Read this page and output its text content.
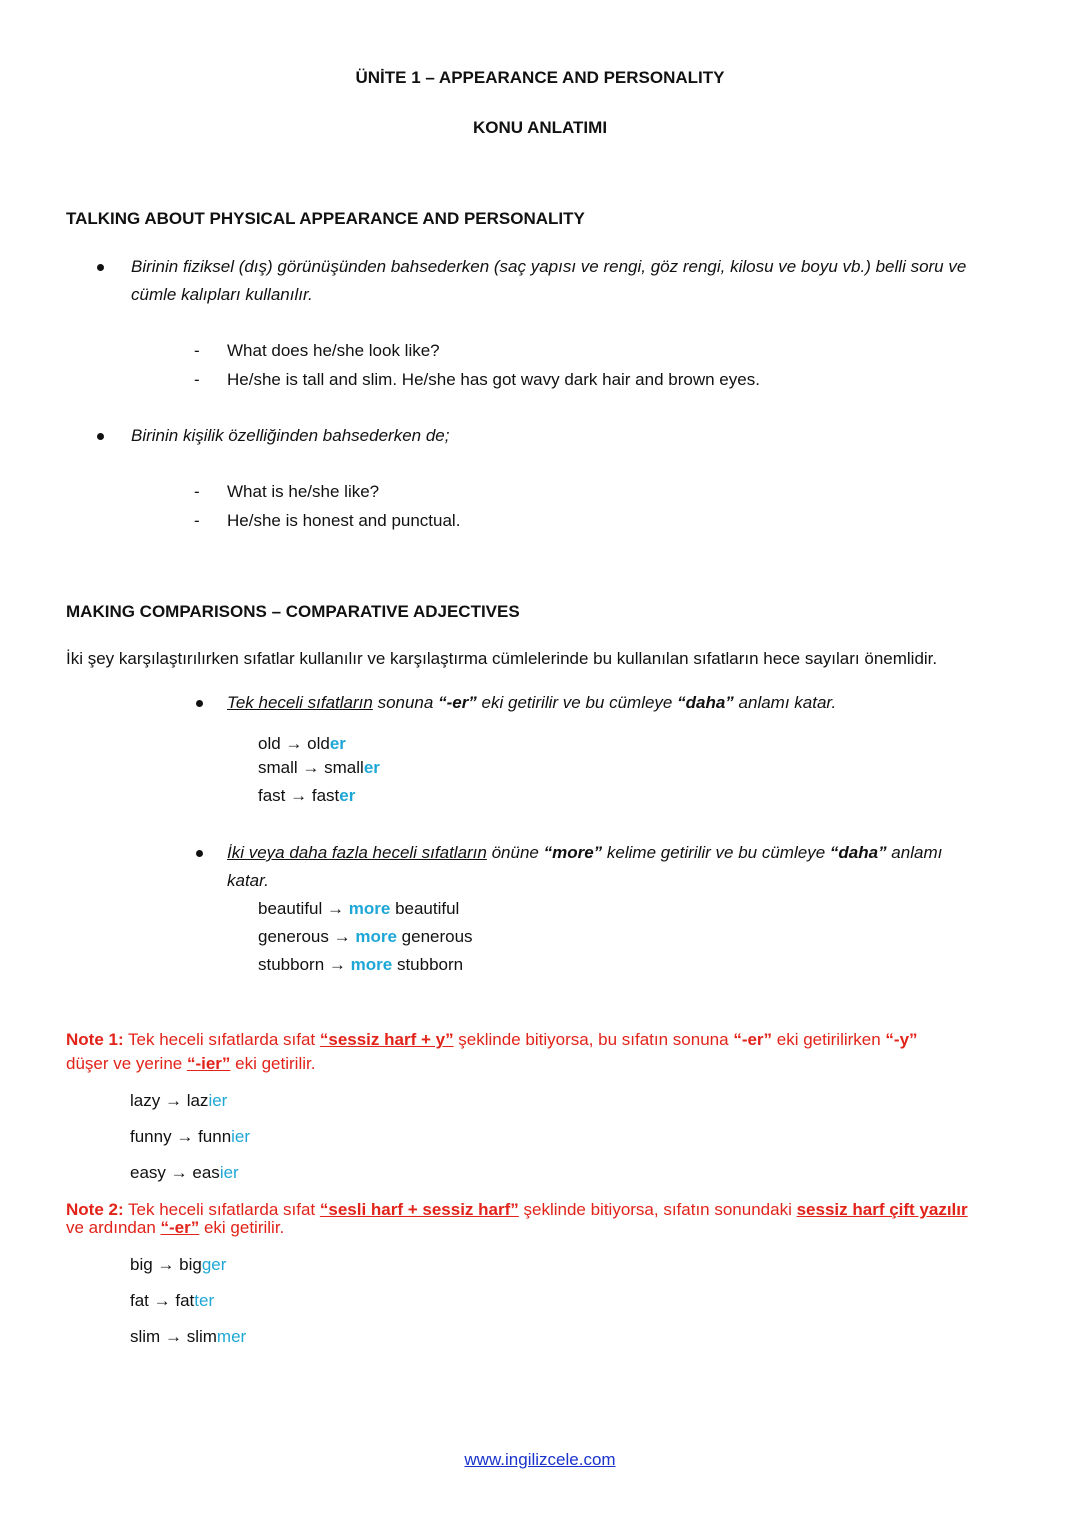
ÜNİTE 1 – APPEARANCE AND PERSONALITY
KONU ANLATIMI
TALKING ABOUT PHYSICAL APPEARANCE AND PERSONALITY
Birinin fiziksel (dış) görünüşünden bahsederken (saç yapısı ve rengi, göz rengi, kilosu ve boyu vb.) belli soru ve
cümle kalıpları kullanılır.
- What does he/she look like?
- He/she is tall and slim. He/she has got wavy dark hair and brown eyes.
Birinin kişilik özelliğinden bahsederken de;
- What is he/she like?
- He/she is honest and punctual.
MAKING COMPARISONS – COMPARATIVE ADJECTIVES
İki şey karşılaştırılırken sıfatlar kullanılır ve karşılaştırma cümlelerinde bu kullanılan sıfatların hece sayıları önemlidir.
Tek heceli sıfatların sonuna “-er” eki getirilir ve bu cümleye “daha” anlamı katar.
old → older
small → smaller
fast → faster
İki veya daha fazla heceli sıfatların önüne “more” kelime getirilir ve bu cümleye “daha” anlamı
katar.
beautiful → more beautiful
generous → more generous
stubborn → more stubborn
Note 1: Tek heceli sıfatlarda sıfat “sessiz harf + y” şeklinde bitiyorsa, bu sıfatın sonuna “-er” eki getirilirken “-y”
düşer ve yerine “-ier” eki getirilir.
lazy → lazier
funny → funnier
easy → easier
Note 2: Tek heceli sıfatlarda sıfat “sesli harf + sessiz harf” şeklinde bitiyorsa, sıfatın sonundaki sessiz harf çift yazılır
ve ardından “-er” eki getirilir.
big → bigger
fat → fatter
slim → slimmer
www.ingilizcele.com
